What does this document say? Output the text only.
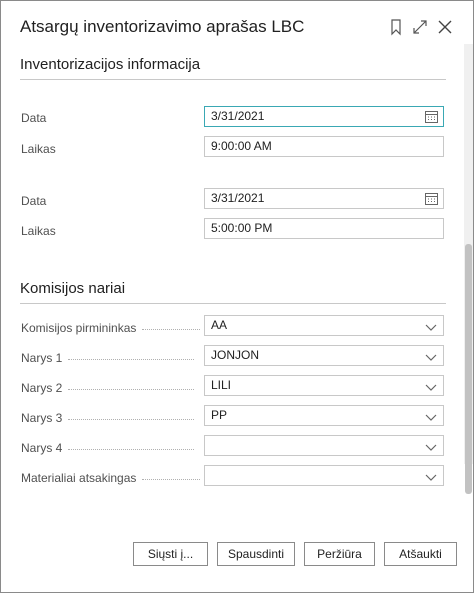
Atsargų inventorizavimo aprašas LBC
Inventorizacijos informacija
Data	3/31/2021
Laikas	9:00:00 AM
Data	3/31/2021
Laikas	5:00:00 PM
Komisijos nariai
Komisijos pirmininkas	AA
Narys 1	JONJON
Narys 2	LILI
Narys 3	PP
Narys 4
Materialiai atsakingas
Siųsti į...	Spausdinti	Peržiūra	Atšaukti
